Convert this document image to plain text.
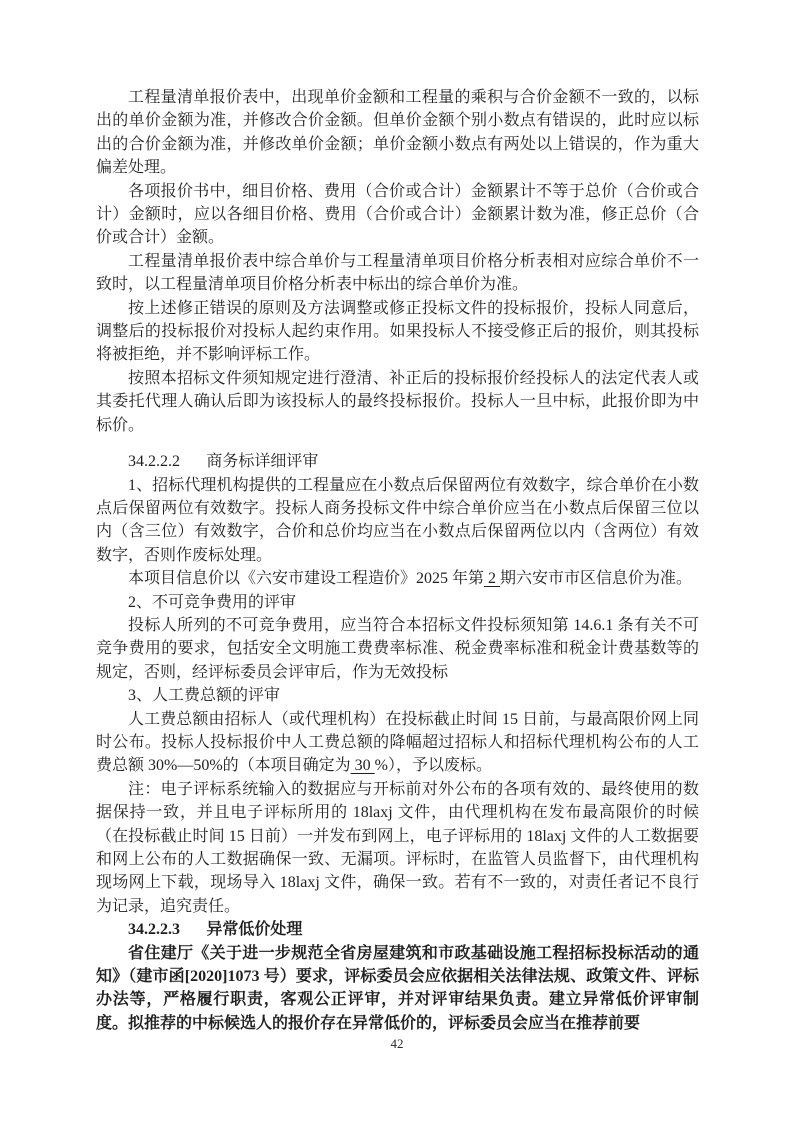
工程量清单报价表中，出现单价金额和工程量的乘积与合价金额不一致的，以标出的单价金额为准，并修改合价金额。但单价金额个别小数点有错误的，此时应以标出的合价金额为准，并修改单价金额；单价金额小数点有两处以上错误的，作为重大偏差处理。

各项报价书中，细目价格、费用（合价或合计）金额累计不等于总价（合价或合计）金额时，应以各细目价格、费用（合价或合计）金额累计数为准，修正总价（合价或合计）金额。

工程量清单报价表中综合单价与工程量清单项目价格分析表相对应综合单价不一致时，以工程量清单项目价格分析表中标出的综合单价为准。

按上述修正错误的原则及方法调整或修正投标文件的投标报价，投标人同意后，调整后的投标报价对投标人起约束作用。如果投标人不接受修正后的报价，则其投标将被拒绝，并不影响评标工作。

按照本招标文件须知规定进行澄清、补正后的投标报价经投标人的法定代表人或其委托代理人确认后即为该投标人的最终投标报价。投标人一旦中标，此报价即为中标价。

34.2.2.2 商务标详细评审

1、招标代理机构提供的工程量应在小数点后保留两位有效数字，综合单价在小数点后保留两位有效数字。投标人商务投标文件中综合单价应当在小数点后保留三位以内（含三位）有效数字，合价和总价均应当在小数点后保留两位以内（含两位）有效数字，否则作废标处理。

本项目信息价以《六安市建设工程造价》2025 年第 2 期六安市市区信息价为准。

2、不可竞争费用的评审

投标人所列的不可竞争费用，应当符合本招标文件投标须知第 14.6.1 条有关不可竞争费用的要求，包括安全文明施工费费率标准、税金费率标准和税金计费基数等的规定，否则，经评标委员会评审后，作为无效投标

3、人工费总额的评审

人工费总额由招标人（或代理机构）在投标截止时间 15 日前，与最高限价网上同时公布。投标人投标报价中人工费总额的降幅超过招标人和招标代理机构公布的人工费总额 30%—50%的（本项目确定为 30 %），予以废标。

注：电子评标系统输入的数据应与开标前对外公布的各项有效的、最终使用的数据保持一致，并且电子评标所用的 18laxj 文件，由代理机构在发布最高限价的时候（在投标截止时间 15 日前）一并发布到网上，电子评标用的 18laxj 文件的人工数据要和网上公布的人工数据确保一致、无漏项。评标时，在监管人员监督下，由代理机构现场网上下载，现场导入 18laxj 文件，确保一致。若有不一致的，对责任者记不良行为记录，追究责任。

34.2.2.3 异常低价处理

省住建厅《关于进一步规范全省房屋建筑和市政基础设施工程招标投标活动的通知》（建市函[2020]1073 号）要求，评标委员会应依据相关法律法规、政策文件、评标办法等，严格履行职责，客观公正评审，并对评审结果负责。建立异常低价评审制度。拟推荐的中标候选人的报价存在异常低价的，评标委员会应当在推荐前要

42
